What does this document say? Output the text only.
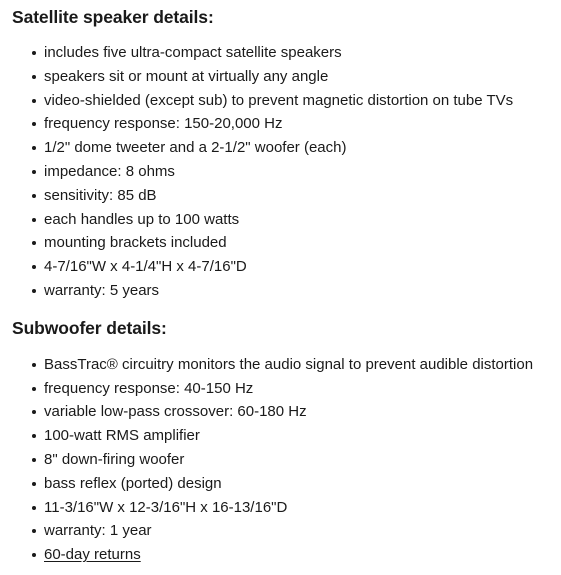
Satellite speaker details:
includes five ultra-compact satellite speakers
speakers sit or mount at virtually any angle
video-shielded (except sub) to prevent magnetic distortion on tube TVs
frequency response: 150-20,000 Hz
1/2" dome tweeter and a 2-1/2" woofer (each)
impedance: 8 ohms
sensitivity: 85 dB
each handles up to 100 watts
mounting brackets included
4-7/16"W x 4-1/4"H x 4-7/16"D
warranty: 5 years
Subwoofer details:
BassTrac® circuitry monitors the audio signal to prevent audible distortion
frequency response: 40-150 Hz
variable low-pass crossover: 60-180 Hz
100-watt RMS amplifier
8" down-firing woofer
bass reflex (ported) design
11-3/16"W x 12-3/16"H x 16-13/16"D
warranty: 1 year
60-day returns
